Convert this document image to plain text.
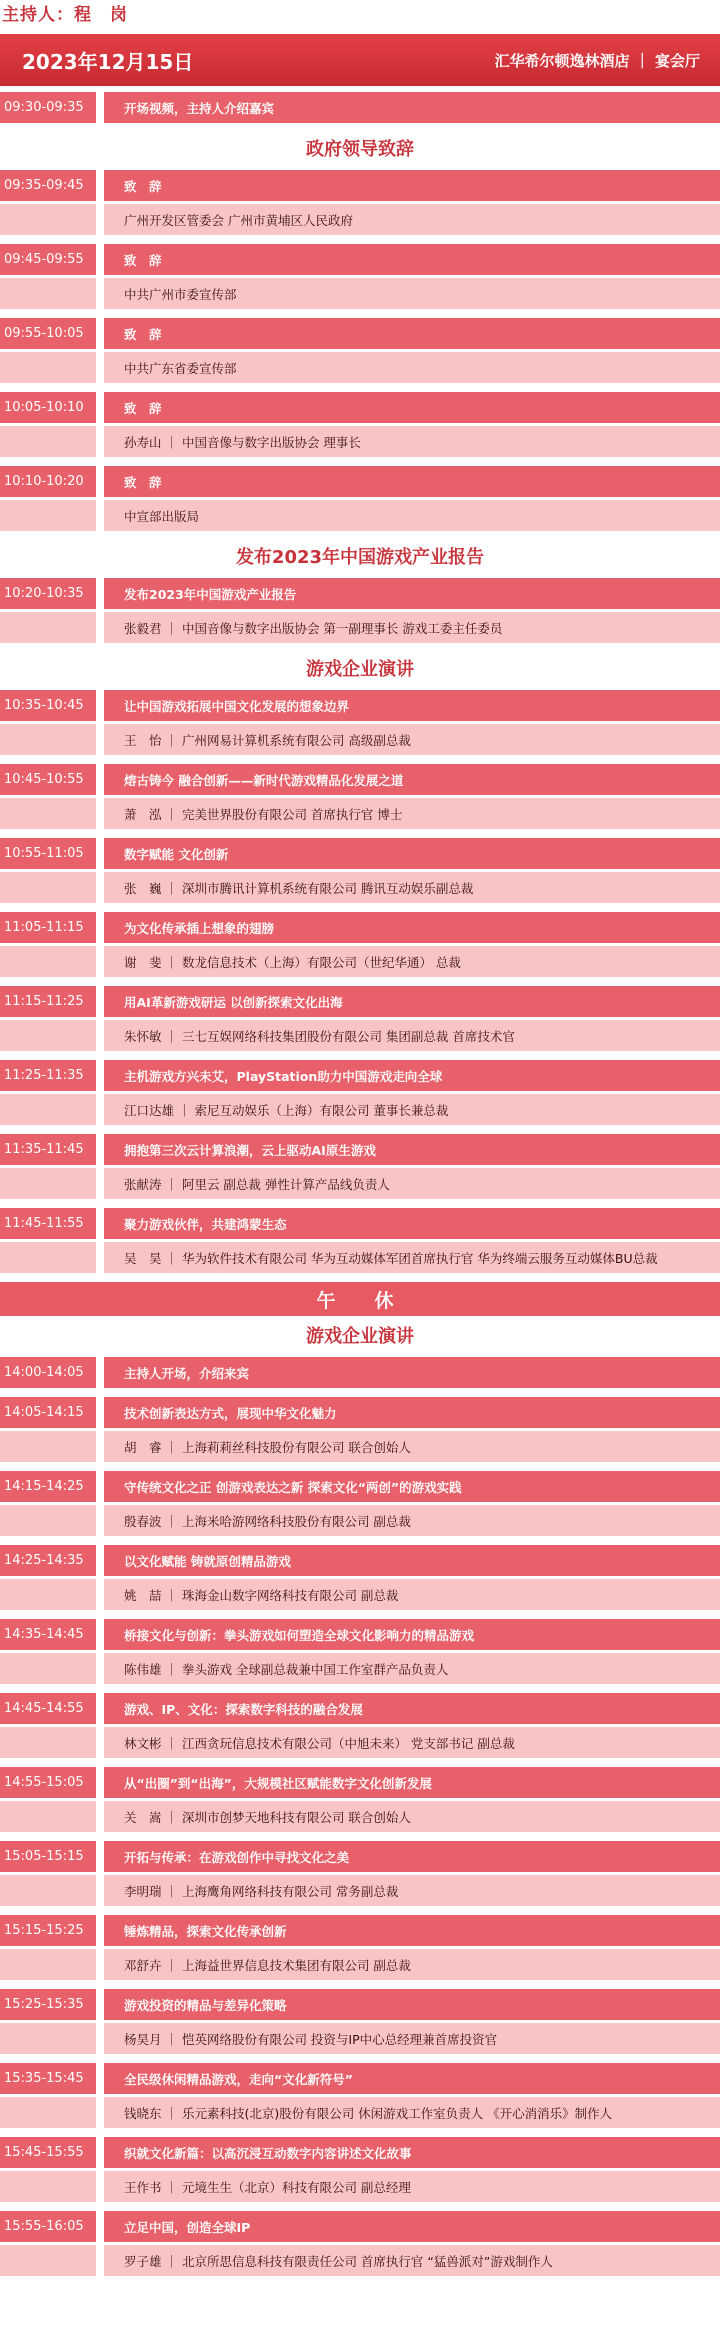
主持人：程　岗
2023年12月15日	汇华希尔顿逸林酒店 ｜ 宴会厅
09:30-09:35	开场视频，主持人介绍嘉宾
政府领导致辞
09:35-09:45	致　辞
广州开发区管委会 广州市黄埔区人民政府
09:45-09:55	致　辞
中共广州市委宣传部
09:55-10:05	致　辞
中共广东省委宣传部
10:05-10:10	致　辞
孙寿山 ｜ 中国音像与数字出版协会 理事长
10:10-10:20	致　辞
中宣部出版局
发布2023年中国游戏产业报告
10:20-10:35	发布2023年中国游戏产业报告
张毅君 ｜ 中国音像与数字出版协会 第一副理事长 游戏工委主任委员
游戏企业演讲
10:35-10:45	让中国游戏拓展中国文化发展的想象边界
王　怡 ｜ 广州网易计算机系统有限公司 高级副总裁
10:45-10:55	熔古铸今 融合创新——新时代游戏精品化发展之道
萧　泓 ｜ 完美世界股份有限公司 首席执行官 博士
10:55-11:05	数字赋能 文化创新
张　巍 ｜ 深圳市腾讯计算机系统有限公司 腾讯互动娱乐副总裁
11:05-11:15	为文化传承插上想象的翅膀
谢　斐 ｜ 数龙信息技术（上海）有限公司（世纪华通） 总裁
11:15-11:25	用AI革新游戏研运 以创新探索文化出海
朱怀敏 ｜ 三七互娱网络科技集团股份有限公司 集团副总裁 首席技术官
11:25-11:35	主机游戏方兴未艾，PlayStation助力中国游戏走向全球
江口达雄 ｜ 索尼互动娱乐（上海）有限公司 董事长兼总裁
11:35-11:45	拥抱第三次云计算浪潮，云上驱动AI原生游戏
张献涛 ｜ 阿里云 副总裁 弹性计算产品线负责人
11:45-11:55	聚力游戏伙伴，共建鸿蒙生态
吴　昊 ｜ 华为软件技术有限公司 华为互动媒体军团首席执行官 华为终端云服务互动媒体BU总裁
午　休
游戏企业演讲
14:00-14:05	主持人开场，介绍来宾
14:05-14:15	技术创新表达方式，展现中华文化魅力
胡　睿 ｜ 上海莉莉丝科技股份有限公司 联合创始人
14:15-14:25	守传统文化之正 创游戏表达之新 探索文化“两创”的游戏实践
殷春波 ｜ 上海米哈游网络科技股份有限公司 副总裁
14:25-14:35	以文化赋能 铸就原创精品游戏
姚　喆 ｜ 珠海金山数字网络科技有限公司 副总裁
14:35-14:45	桥接文化与创新：拳头游戏如何塑造全球文化影响力的精品游戏
陈伟雄 ｜ 拳头游戏 全球副总裁兼中国工作室群产品负责人
14:45-14:55	游戏、IP、文化：探索数字科技的融合发展
林文彬 ｜ 江西贪玩信息技术有限公司（中旭未来） 党支部书记 副总裁
14:55-15:05	从“出圈”到“出海”，大规模社区赋能数字文化创新发展
关　嵩 ｜ 深圳市创梦天地科技有限公司 联合创始人
15:05-15:15	开拓与传承：在游戏创作中寻找文化之美
李明瑞 ｜ 上海鹰角网络科技有限公司 常务副总裁
15:15-15:25	锤炼精品，探索文化传承创新
邓舒卉 ｜ 上海益世界信息技术集团有限公司 副总裁
15:25-15:35	游戏投资的精品与差异化策略
杨昊月 ｜ 恺英网络股份有限公司 投资与IP中心总经理兼首席投资官
15:35-15:45	全民级休闲精品游戏，走向“文化新符号”
钱晓东 ｜ 乐元素科技(北京)股份有限公司 休闲游戏工作室负责人 《开心消消乐》制作人
15:45-15:55	织就文化新篇：以高沉浸互动数字内容讲述文化故事
王作书 ｜ 元境生生（北京）科技有限公司 副总经理
15:55-16:05	立足中国，创造全球IP
罗子雄 ｜ 北京所思信息科技有限责任公司 首席执行官 “猛兽派对”游戏制作人
